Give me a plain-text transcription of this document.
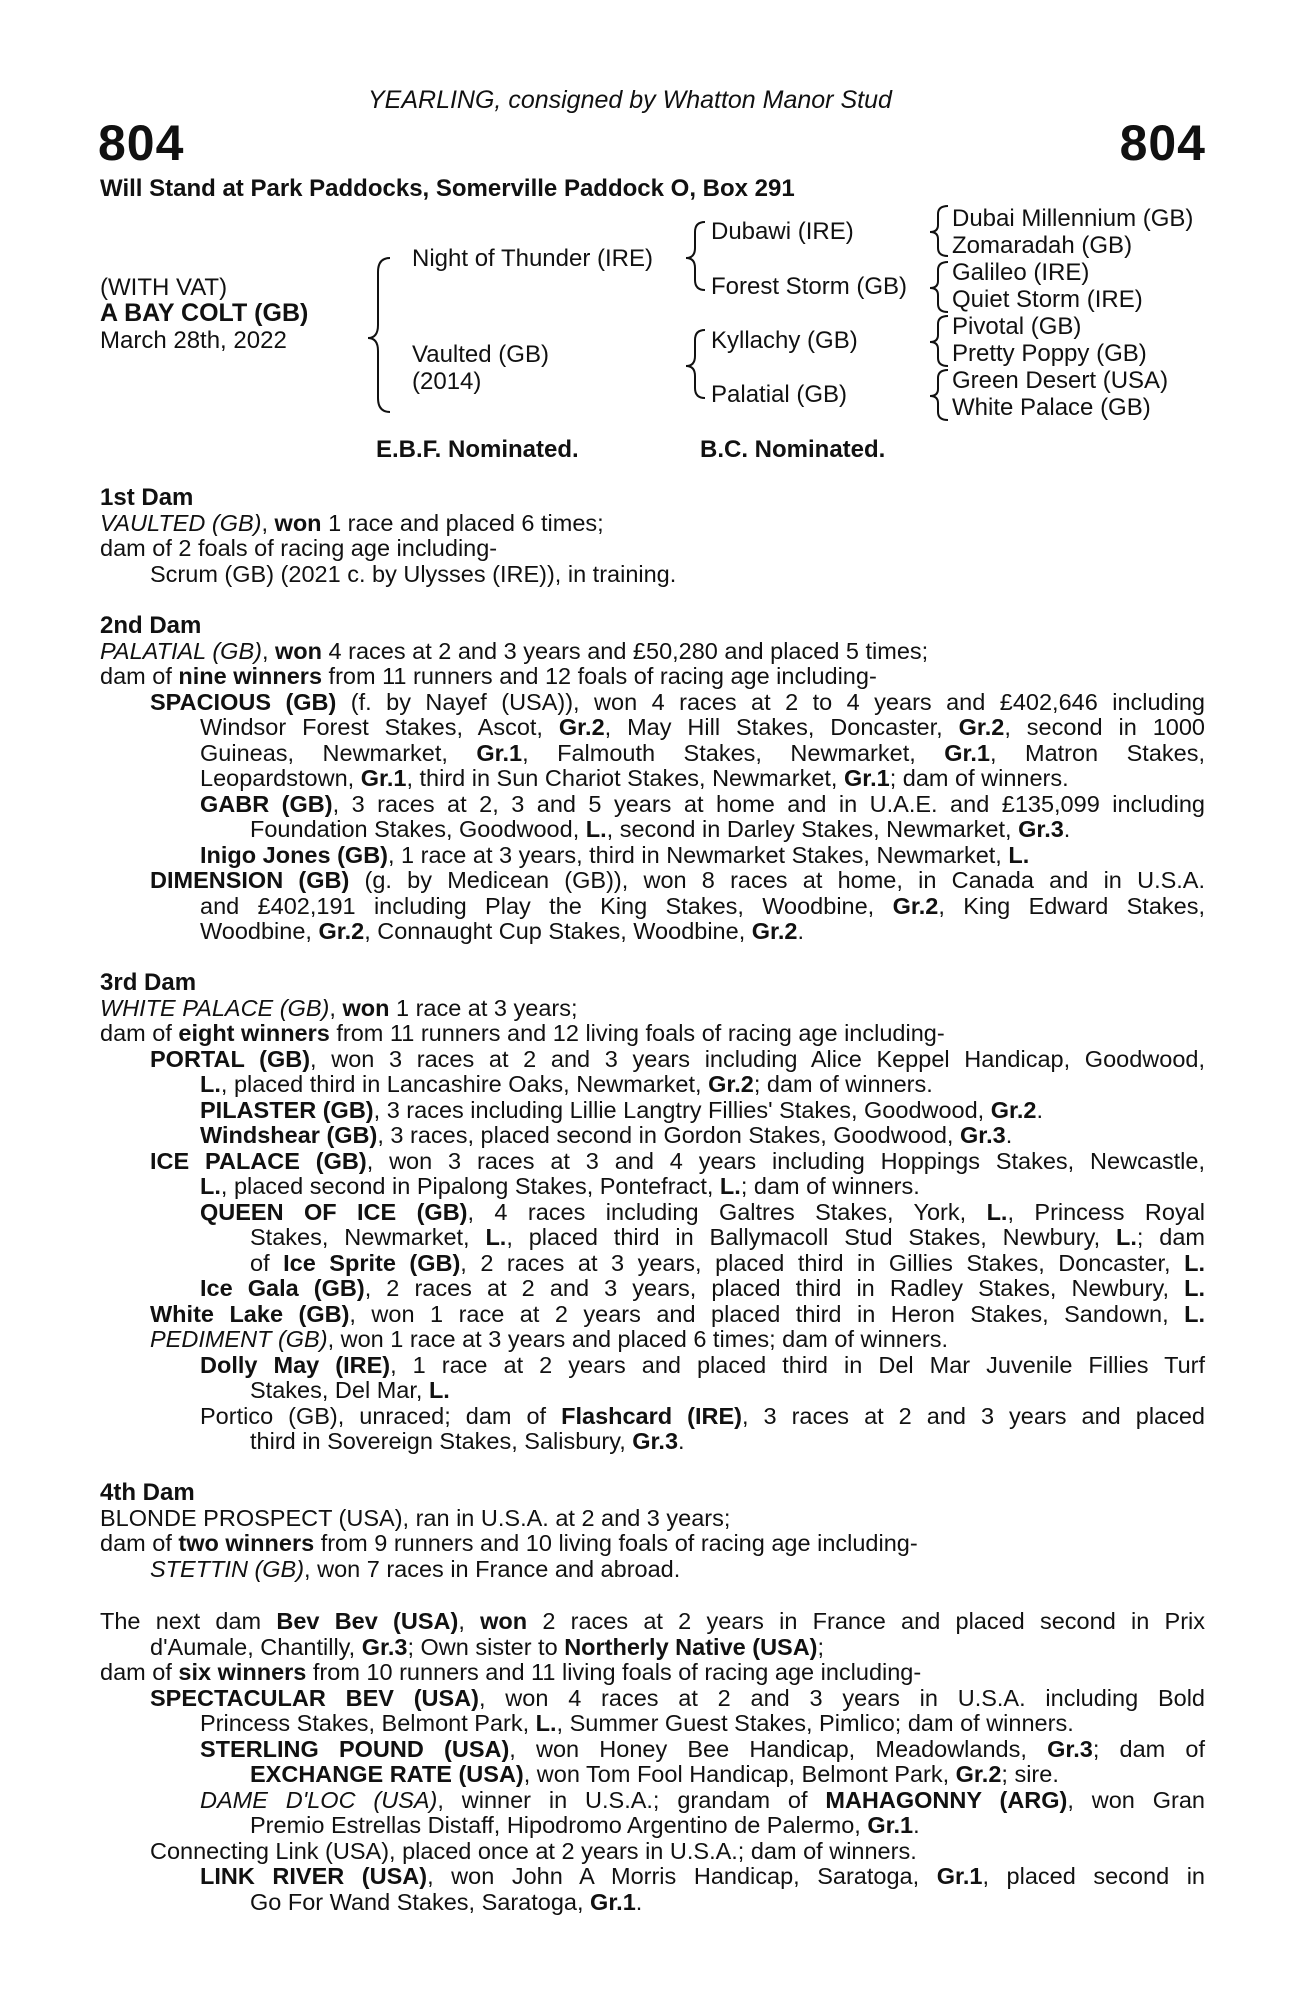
YEARLING, consigned by Whatton Manor Stud
804	804
Will Stand at Park Paddocks, Somerville Paddock O, Box 291
(WITH VAT)
A BAY COLT (GB)
March 28th, 2022
Night of Thunder (IRE)
Vaulted (GB)
(2014)
Dubawi (IRE)
Forest Storm (GB)
Kyllachy (GB)
Palatial (GB)
Dubai Millennium (GB)
Zomaradah (GB)
Galileo (IRE)
Quiet Storm (IRE)
Pivotal (GB)
Pretty Poppy (GB)
Green Desert (USA)
White Palace (GB)
E.B.F. Nominated.	B.C. Nominated.
1st Dam
VAULTED (GB), won 1 race and placed 6 times;
dam of 2 foals of racing age including-
Scrum (GB) (2021 c. by Ulysses (IRE)), in training.
2nd Dam
PALATIAL (GB), won 4 races at 2 and 3 years and £50,280 and placed 5 times;
dam of nine winners from 11 runners and 12 foals of racing age including-
SPACIOUS (GB) (f. by Nayef (USA)), won 4 races at 2 to 4 years and £402,646 including
Windsor Forest Stakes, Ascot, Gr.2, May Hill Stakes, Doncaster, Gr.2, second in 1000
Guineas, Newmarket, Gr.1, Falmouth Stakes, Newmarket, Gr.1, Matron Stakes,
Leopardstown, Gr.1, third in Sun Chariot Stakes, Newmarket, Gr.1; dam of winners.
GABR (GB), 3 races at 2, 3 and 5 years at home and in U.A.E. and £135,099 including
Foundation Stakes, Goodwood, L., second in Darley Stakes, Newmarket, Gr.3.
Inigo Jones (GB), 1 race at 3 years, third in Newmarket Stakes, Newmarket, L.
DIMENSION (GB) (g. by Medicean (GB)), won 8 races at home, in Canada and in U.S.A.
and £402,191 including Play the King Stakes, Woodbine, Gr.2, King Edward Stakes,
Woodbine, Gr.2, Connaught Cup Stakes, Woodbine, Gr.2.
3rd Dam
WHITE PALACE (GB), won 1 race at 3 years;
dam of eight winners from 11 runners and 12 living foals of racing age including-
PORTAL (GB), won 3 races at 2 and 3 years including Alice Keppel Handicap, Goodwood,
L., placed third in Lancashire Oaks, Newmarket, Gr.2; dam of winners.
PILASTER (GB), 3 races including Lillie Langtry Fillies' Stakes, Goodwood, Gr.2.
Windshear (GB), 3 races, placed second in Gordon Stakes, Goodwood, Gr.3.
ICE PALACE (GB), won 3 races at 3 and 4 years including Hoppings Stakes, Newcastle,
L., placed second in Pipalong Stakes, Pontefract, L.; dam of winners.
QUEEN OF ICE (GB), 4 races including Galtres Stakes, York, L., Princess Royal
Stakes, Newmarket, L., placed third in Ballymacoll Stud Stakes, Newbury, L.; dam
of Ice Sprite (GB), 2 races at 3 years, placed third in Gillies Stakes, Doncaster, L.
Ice Gala (GB), 2 races at 2 and 3 years, placed third in Radley Stakes, Newbury, L.
White Lake (GB), won 1 race at 2 years and placed third in Heron Stakes, Sandown, L.
PEDIMENT (GB), won 1 race at 3 years and placed 6 times; dam of winners.
Dolly May (IRE), 1 race at 2 years and placed third in Del Mar Juvenile Fillies Turf
Stakes, Del Mar, L.
Portico (GB), unraced; dam of Flashcard (IRE), 3 races at 2 and 3 years and placed
third in Sovereign Stakes, Salisbury, Gr.3.
4th Dam
BLONDE PROSPECT (USA), ran in U.S.A. at 2 and 3 years;
dam of two winners from 9 runners and 10 living foals of racing age including-
STETTIN (GB), won 7 races in France and abroad.
The next dam Bev Bev (USA), won 2 races at 2 years in France and placed second in Prix
d'Aumale, Chantilly, Gr.3; Own sister to Northerly Native (USA);
dam of six winners from 10 runners and 11 living foals of racing age including-
SPECTACULAR BEV (USA), won 4 races at 2 and 3 years in U.S.A. including Bold
Princess Stakes, Belmont Park, L., Summer Guest Stakes, Pimlico; dam of winners.
STERLING POUND (USA), won Honey Bee Handicap, Meadowlands, Gr.3; dam of
EXCHANGE RATE (USA), won Tom Fool Handicap, Belmont Park, Gr.2; sire.
DAME D'LOC (USA), winner in U.S.A.; grandam of MAHAGONNY (ARG), won Gran
Premio Estrellas Distaff, Hipodromo Argentino de Palermo, Gr.1.
Connecting Link (USA), placed once at 2 years in U.S.A.; dam of winners.
LINK RIVER (USA), won John A Morris Handicap, Saratoga, Gr.1, placed second in
Go For Wand Stakes, Saratoga, Gr.1.
